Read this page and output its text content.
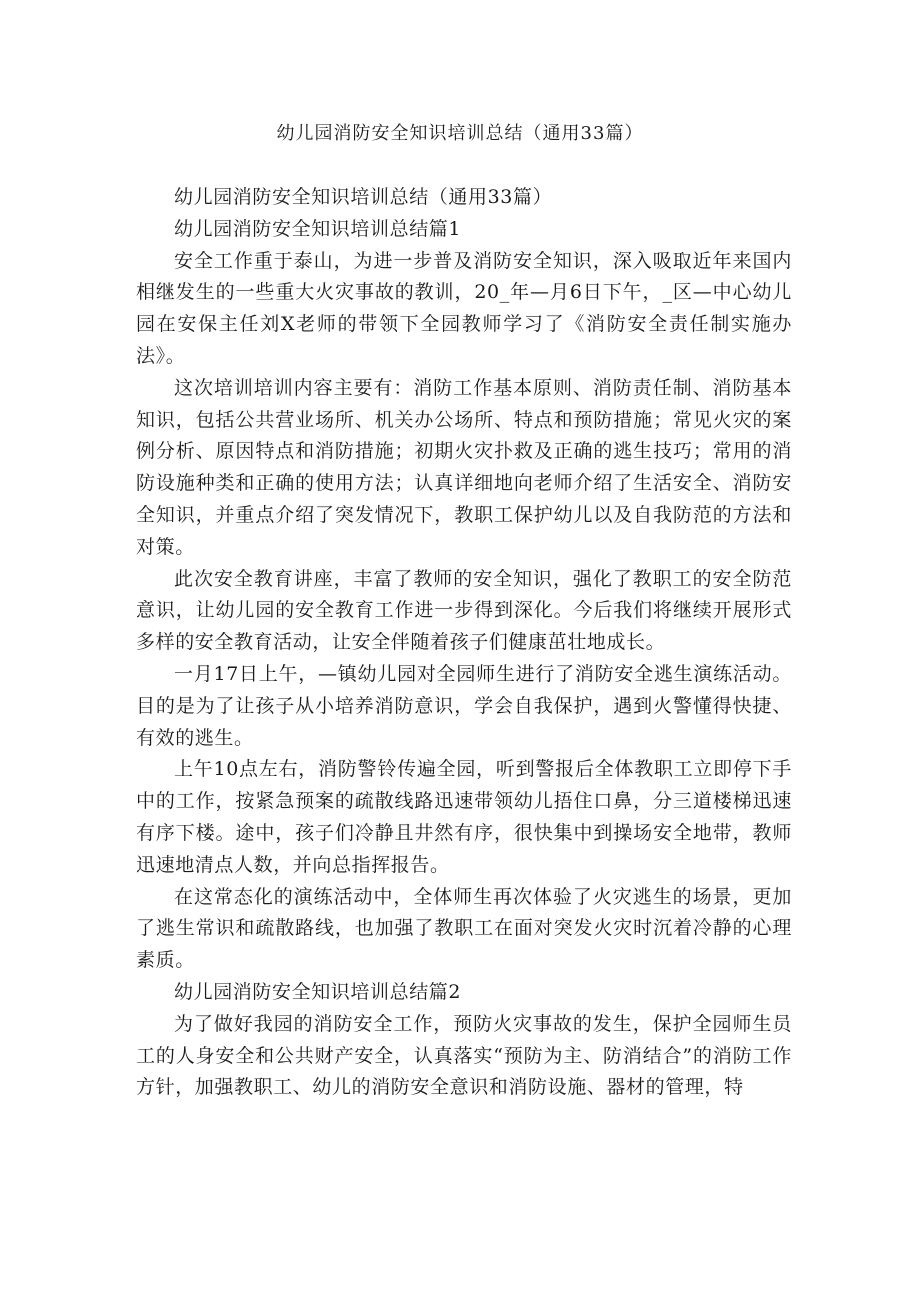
幼儿园消防安全知识培训总结（通用33篇）

幼儿园消防安全知识培训总结（通用33篇）

幼儿园消防安全知识培训总结篇1

安全工作重于泰山，为进一步普及消防安全知识，深入吸取近年来国内相继发生的一些重大火灾事故的教训，20_年—月6日下午，_区—中心幼儿园在安保主任刘X老师的带领下全园教师学习了《消防安全责任制实施办法》。

这次培训培训内容主要有：消防工作基本原则、消防责任制、消防基本知识，包括公共营业场所、机关办公场所、特点和预防措施；常见火灾的案例分析、原因特点和消防措施；初期火灾扑救及正确的逃生技巧；常用的消防设施种类和正确的使用方法；认真详细地向老师介绍了生活安全、消防安全知识，并重点介绍了突发情况下，教职工保护幼儿以及自我防范的方法和对策。

此次安全教育讲座，丰富了教师的安全知识，强化了教职工的安全防范意识，让幼儿园的安全教育工作进一步得到深化。今后我们将继续开展形式多样的安全教育活动，让安全伴随着孩子们健康茁壮地成长。

一月17日上午，—镇幼儿园对全园师生进行了消防安全逃生演练活动。目的是为了让孩子从小培养消防意识，学会自我保护，遇到火警懂得快捷、有效的逃生。

上午10点左右，消防警铃传遍全园，听到警报后全体教职工立即停下手中的工作，按紧急预案的疏散线路迅速带领幼儿捂住口鼻，分三道楼梯迅速有序下楼。途中，孩子们冷静且井然有序，很快集中到操场安全地带，教师迅速地清点人数，并向总指挥报告。

在这常态化的演练活动中，全体师生再次体验了火灾逃生的场景，更加了逃生常识和疏散路线，也加强了教职工在面对突发火灾时沉着冷静的心理素质。

幼儿园消防安全知识培训总结篇2

为了做好我园的消防安全工作，预防火灾事故的发生，保护全园师生员工的人身安全和公共财产安全，认真落实“预防为主、防消结合”的消防工作方针，加强教职工、幼儿的消防安全意识和消防设施、器材的管理，特
